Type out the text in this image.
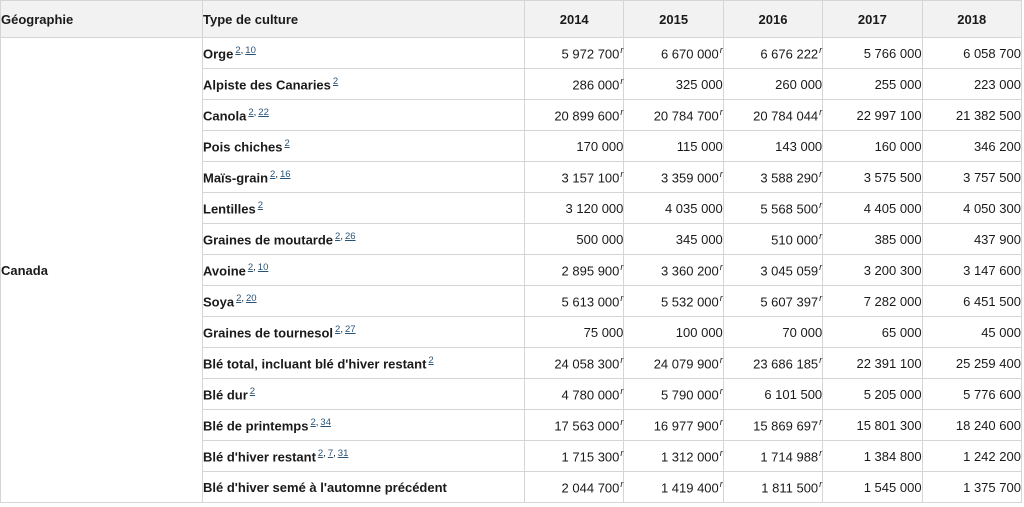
Géographie	Type de culture	2014	2015	2016	2017	2018
Canada	Orge $^{2,}$ $^{10}$	5 972 700$^r$	6 670 000$^r$	6 676 222$^r$	5 766 000	6 058 700
	Alpiste des Canaries $^2$	286 000$^r$	325 000	260 000	255 000	223 000
	Canola $^{2,}$ $^{22}$	20 899 600$^r$	20 784 700$^r$	20 784 044$^r$	22 997 100	21 382 500
	Pois chiches $^2$	170 000	115 000	143 000	160 000	346 200
	Maïs-grain $^{2,}$ $^{16}$	3 157 100$^r$	3 359 000$^r$	3 588 290$^r$	3 575 500	3 757 500
	Lentilles $^2$	3 120 000	4 035 000	5 568 500$^r$	4 405 000	4 050 300
	Graines de moutarde $^{2,}$ $^{26}$	500 000	345 000	510 000$^r$	385 000	437 900
	Avoine $^{2,}$ $^{10}$	2 895 900$^r$	3 360 200$^r$	3 045 059$^r$	3 200 300	3 147 600
	Soya $^{2,}$ $^{20}$	5 613 000$^r$	5 532 000$^r$	5 607 397$^r$	7 282 000	6 451 500
	Graines de tournesol $^{2,}$ $^{27}$	75 000	100 000	70 000	65 000	45 000
	Blé total, incluant blé d'hiver restant $^2$	24 058 300$^r$	24 079 900$^r$	23 686 185$^r$	22 391 100	25 259 400
	Blé dur $^2$	4 780 000$^r$	5 790 000$^r$	6 101 500	5 205 000	5 776 600
	Blé de printemps $^{2,}$ $^{34}$	17 563 000$^r$	16 977 900$^r$	15 869 697$^r$	15 801 300	18 240 600
	Blé d'hiver restant $^{2,}$ $^{7,}$ $^{31}$	1 715 300$^r$	1 312 000$^r$	1 714 988$^r$	1 384 800	1 242 200
	Blé d'hiver semé à l'automne précédent	2 044 700$^r$	1 419 400$^r$	1 811 500$^r$	1 545 000	1 375 700
